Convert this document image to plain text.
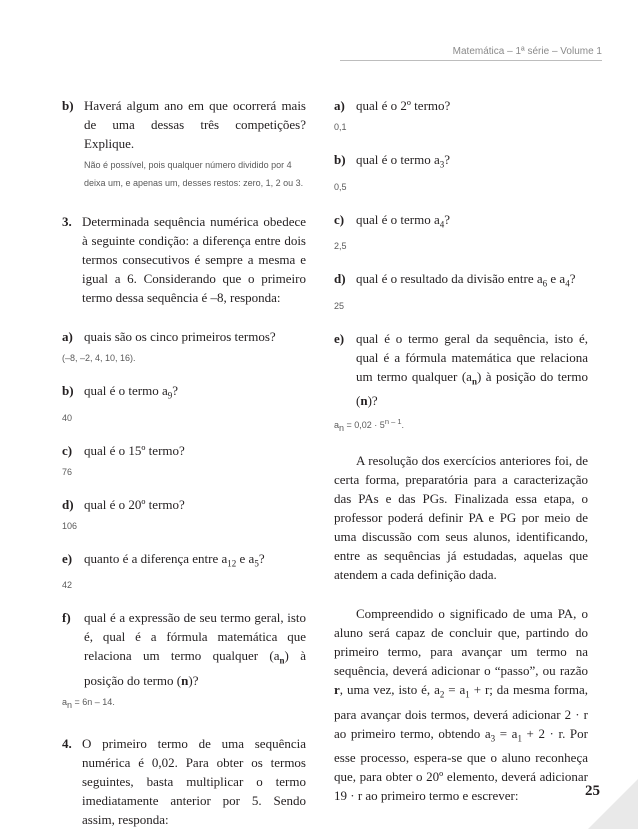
Matemática – 1ª série – Volume 1

b) Haverá algum ano em que ocorrerá mais de uma dessas três competições? Explique.

Não é possível, pois qualquer número dividido por 4 deixa um, e apenas um, desses restos: zero, 1, 2 ou 3.

3. Determinada sequência numérica obedece à seguinte condição: a diferença entre dois termos consecutivos é sempre a mesma e igual a 6. Considerando que o primeiro termo dessa sequência é –8, responda:

a) quais são os cinco primeiros termos?

(–8, –2, 4, 10, 16).

b) qual é o termo $a_9$?

40

c) qual é o 15º termo?

76

d) qual é o 20º termo?

106

e) quanto é a diferença entre $a_{12}$ e $a_5$?

42

f) qual é a expressão de seu termo geral, isto é, qual é a fórmula matemática que relaciona um termo qualquer $(a_n)$ à posição do termo (n)?

$a_n = 6n - 14$.

4. O primeiro termo de uma sequência numérica é 0,02. Para obter os termos seguintes, basta multiplicar o termo imediatamente anterior por 5. Sendo assim, responda:

a) qual é o 2º termo?

0,1

b) qual é o termo $a_3$?

0,5

c) qual é o termo $a_4$?

2,5

d) qual é o resultado da divisão entre $a_6$ e $a_4$?

25

e) qual é o termo geral da sequência, isto é, qual é a fórmula matemática que relaciona um termo qualquer $(a_n)$ à posição do termo (n)?

$a_n = 0,02 \cdot 5^{n - 1}$.

A resolução dos exercícios anteriores foi, de certa forma, preparatória para a caracterização das PAs e das PGs. Finalizada essa etapa, o professor poderá definir PA e PG por meio de uma discussão com seus alunos, identificando, entre as sequências já estudadas, aquelas que atendem a cada definição dada.

Compreendido o significado de uma PA, o aluno será capaz de concluir que, partindo do primeiro termo, para avançar um termo na sequência, deverá adicionar o “passo”, ou razão r, uma vez, isto é, $a_2 = a_1 + r$; da mesma forma, para avançar dois termos, deverá adicionar 2 · r ao primeiro termo, obtendo $a_3 = a_1 + 2 \cdot r$. Por esse processo, espera-se que o aluno reconheça que, para obter o 20º elemento, deverá adicionar 19 · r ao primeiro termo e escrever:	25
